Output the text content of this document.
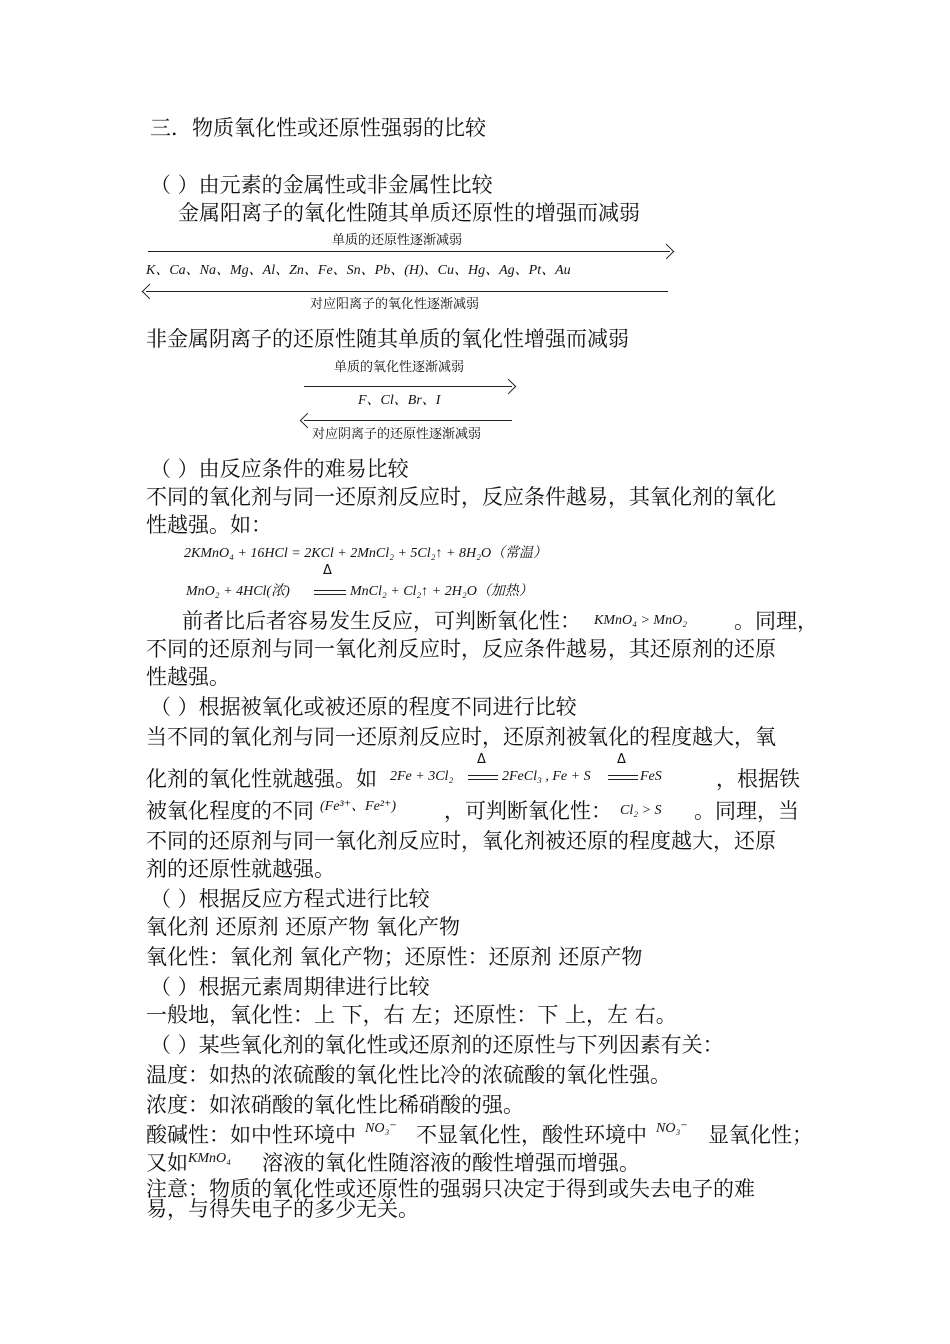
三．物质氧化性或还原性强弱的比较
（ ）由元素的金属性或非金属性比较
金属阳离子的氧化性随其单质还原性的增强而减弱
单质的还原性逐渐减弱
K、Ca、Na、Mg、Al、Zn、Fe、Sn、Pb、(H)、Cu、Hg、Ag、Pt、Au
对应阳离子的氧化性逐渐减弱
非金属阴离子的还原性随其单质的氧化性增强而减弱
单质的氧化性逐渐减弱
F、Cl、Br、I
对应阴离子的还原性逐渐减弱
（ ）由反应条件的难易比较
不同的氧化剂与同一还原剂反应时，反应条件越易，其氧化剂的氧化
性越强。如：
2KMnO₄ + 16HCl = 2KCl + 2MnCl₂ + 5Cl₂↑ + 8H₂O（常温）
MnO₂ + 4HCl(浓)
Δ
MnCl₂ + Cl₂↑ + 2H₂O（加热）
前者比后者容易发生反应，可判断氧化性： KMnO₄ > MnO₂ 。同理，
不同的还原剂与同一氧化剂反应时，反应条件越易，其还原剂的还原
性越强。
（ ）根据被氧化或被还原的程度不同进行比较
当不同的氧化剂与同一还原剂反应时，还原剂被氧化的程度越大，氧
化剂的氧化性就越强。如 2Fe + 3Cl₂
Δ
2FeCl₃ , Fe + S
Δ
FeS	，根据铁
被氧化程度的不同 (Fe³⁺、Fe²⁺) ，可判断氧化性： Cl₂ > S 。同理，当
不同的还原剂与同一氧化剂反应时，氧化剂被还原的程度越大，还原
剂的还原性就越强。
（ ）根据反应方程式进行比较
氧化剂 还原剂 还原产物 氧化产物
氧化性：氧化剂 氧化产物；还原性：还原剂 还原产物
（ ）根据元素周期律进行比较
一般地，氧化性：上 下，右 左；还原性：下 上，左 右。
（ ）某些氧化剂的氧化性或还原剂的还原性与下列因素有关：
温度：如热的浓硫酸的氧化性比冷的浓硫酸的氧化性强。
浓度：如浓硝酸的氧化性比稀硝酸的强。
酸碱性：如中性环境中 NO₃⁻ 不显氧化性，酸性环境中 NO₃⁻ 显氧化性；
又如 KMnO₄ 溶液的氧化性随溶液的酸性增强而增强。
注意：物质的氧化性或还原性的强弱只决定于得到或失去电子的难
易，与得失电子的多少无关。
